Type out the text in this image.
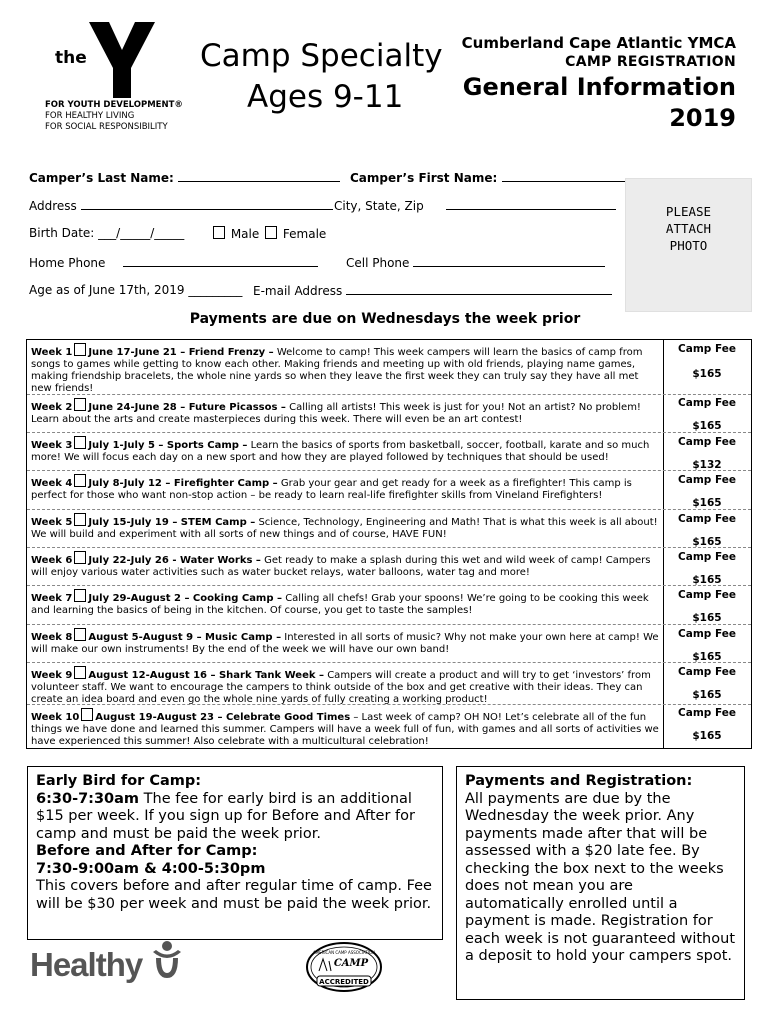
the
YMCA
FOR YOUTH DEVELOPMENT®
FOR HEALTHY LIVING
FOR SOCIAL RESPONSIBILITY
Camp Specialty
Ages 9-11
Cumberland Cape Atlantic YMCA
CAMP REGISTRATION
General Information
2019
Camper’s Last Name:	Camper’s First Name:
Address	City, State, Zip
Birth Date: ___/_____/_____	Male Female
Home Phone	Cell Phone
Age as of June 17th, 2019 _________ E-mail Address
PLEASE
ATTACH
PHOTO
Payments are due on Wednesdays the week prior
Week 1 June 17-June 21 – Friend Frenzy – Welcome to camp! This week campers will learn the basics of camp from songs to games while getting to know each other. Making friends and meeting up with old friends, playing name games, making friendship bracelets, the whole nine yards so when they leave the first week they can truly say they have all met new friends!
Camp Fee
$165
Week 2 June 24-June 28 – Future Picassos – Calling all artists! This week is just for you! Not an artist? No problem! Learn about the arts and create masterpieces during this week. There will even be an art contest!
Camp Fee
$165
Week 3 July 1-July 5 – Sports Camp – Learn the basics of sports from basketball, soccer, football, karate and so much more! We will focus each day on a new sport and how they are played followed by techniques that should be used!
Camp Fee
$132
Week 4 July 8-July 12 – Firefighter Camp – Grab your gear and get ready for a week as a firefighter! This camp is perfect for those who want non-stop action – be ready to learn real-life firefighter skills from Vineland Firefighters!
Camp Fee
$165
Week 5 July 15-July 19 – STEM Camp – Science, Technology, Engineering and Math! That is what this week is all about! We will build and experiment with all sorts of new things and of course, HAVE FUN!
Camp Fee
$165
Week 6 July 22-July 26 - Water Works – Get ready to make a splash during this wet and wild week of camp! Campers will enjoy various water activities such as water bucket relays, water balloons, water tag and more!
Camp Fee
$165
Week 7 July 29-August 2 – Cooking Camp – Calling all chefs! Grab your spoons! We’re going to be cooking this week and learning the basics of being in the kitchen. Of course, you get to taste the samples!
Camp Fee
$165
Week 8 August 5-August 9 – Music Camp – Interested in all sorts of music? Why not make your own here at camp! We will make our own instruments! By the end of the week we will have our own band!
Camp Fee
$165
Week 9 August 12-August 16 – Shark Tank Week – Campers will create a product and will try to get ‘investors’ from volunteer staff. We want to encourage the campers to think outside of the box and get creative with their ideas. They can create an idea board and even go the whole nine yards of fully creating a working product!
Camp Fee
$165
Week 10 August 19-August 23 – Celebrate Good Times – Last week of camp? OH NO! Let’s celebrate all of the fun things we have done and learned this summer. Campers will have a week full of fun, with games and all sorts of activities we have experienced this summer! Also celebrate with a multicultural celebration!
Camp Fee
$165
Early Bird for Camp:
6:30-7:30am The fee for early bird is an additional $15 per week. If you sign up for Before and After for camp and must be paid the week prior.
Before and After for Camp:
7:30-9:00am & 4:00-5:30pm
This covers before and after regular time of camp. Fee will be $30 per week and must be paid the week prior.
Payments and Registration:
All payments are due by the Wednesday the week prior. Any payments made after that will be assessed with a $20 late fee. By checking the box next to the weeks does not mean you are automatically enrolled until a payment is made. Registration for each week is not guaranteed without a deposit to hold your campers spot.
Healthy	AMERICAN CAMP ASSOCIATION
CAMP
ACCREDITED
